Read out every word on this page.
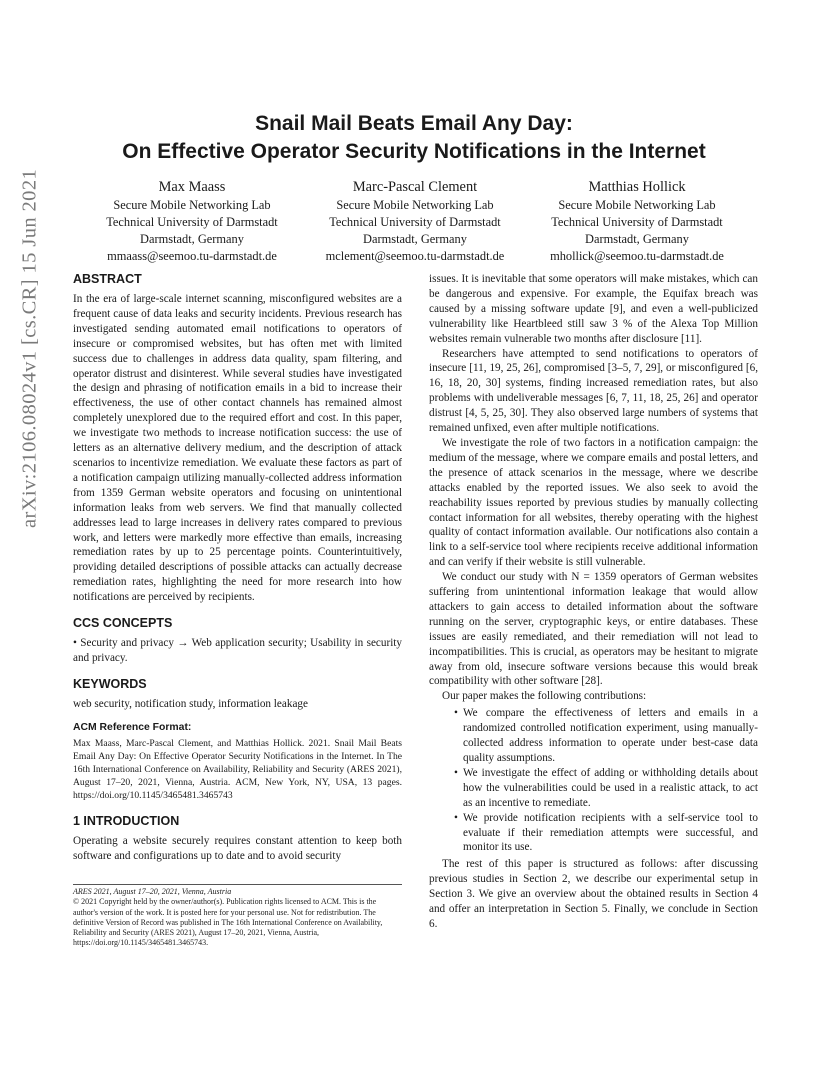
arXiv:2106.08024v1 [cs.CR] 15 Jun 2021
Snail Mail Beats Email Any Day:
On Effective Operator Security Notifications in the Internet
Max Maass
Secure Mobile Networking Lab
Technical University of Darmstadt
Darmstadt, Germany
mmaass@seemoo.tu-darmstadt.de
Marc-Pascal Clement
Secure Mobile Networking Lab
Technical University of Darmstadt
Darmstadt, Germany
mclement@seemoo.tu-darmstadt.de
Matthias Hollick
Secure Mobile Networking Lab
Technical University of Darmstadt
Darmstadt, Germany
mhollick@seemoo.tu-darmstadt.de
ABSTRACT

In the era of large-scale internet scanning, misconfigured websites are a frequent cause of data leaks and security incidents. Previous research has investigated sending automated email notifications to operators of insecure or compromised websites, but has often met with limited success due to challenges in address data quality, spam filtering, and operator distrust and disinterest. While several studies have investigated the design and phrasing of notification emails in a bid to increase their effectiveness, the use of other contact channels has remained almost completely unexplored due to the required effort and cost. In this paper, we investigate two methods to increase notification success: the use of letters as an alternative delivery medium, and the description of attack scenarios to incentivize remediation. We evaluate these factors as part of a notification campaign utilizing manually-collected address information from 1359 German website operators and focusing on unintentional information leaks from web servers. We find that manually collected addresses lead to large increases in delivery rates compared to previous work, and letters were markedly more effective than emails, increasing remediation rates by up to 25 percentage points. Counterintuitively, providing detailed descriptions of possible attacks can actually decrease remediation rates, highlighting the need for more research into how notifications are perceived by recipients.

CCS CONCEPTS

• Security and privacy → Web application security; Usability in security and privacy.

KEYWORDS

web security, notification study, information leakage

ACM Reference Format:

Max Maass, Marc-Pascal Clement, and Matthias Hollick. 2021. Snail Mail Beats Email Any Day: On Effective Operator Security Notifications in the Internet. In The 16th International Conference on Availability, Reliability and Security (ARES 2021), August 17–20, 2021, Vienna, Austria. ACM, New York, NY, USA, 13 pages. https://doi.org/10.1145/3465481.3465743

1 INTRODUCTION

Operating a website securely requires constant attention to keep both software and configurations up to date and to avoid security

ARES 2021, August 17–20, 2021, Vienna, Austria

© 2021 Copyright held by the owner/author(s). Publication rights licensed to ACM. This is the author's version of the work. It is posted here for your personal use. Not for redistribution. The definitive Version of Record was published in The 16th International Conference on Availability, Reliability and Security (ARES 2021), August 17–20, 2021, Vienna, Austria, https://doi.org/10.1145/3465481.3465743.

issues. It is inevitable that some operators will make mistakes, which can be dangerous and expensive. For example, the Equifax breach was caused by a missing software update [9], and even a well-publicized vulnerability like Heartbleed still saw 3 % of the Alexa Top Million websites remain vulnerable two months after disclosure [11].

Researchers have attempted to send notifications to operators of insecure [11, 19, 25, 26], compromised [3–5, 7, 29], or misconfigured [6, 16, 18, 20, 30] systems, finding increased remediation rates, but also problems with undeliverable messages [6, 7, 11, 18, 25, 26] and operator distrust [4, 5, 25, 30]. They also observed large numbers of systems that remained unfixed, even after multiple notifications.

We investigate the role of two factors in a notification campaign: the medium of the message, where we compare emails and postal letters, and the presence of attack scenarios in the message, where we describe attacks enabled by the reported issues. We also seek to avoid the reachability issues reported by previous studies by manually collecting contact information for all websites, thereby operating with the highest quality of contact information available. Our notifications also contain a link to a self-service tool where recipients receive additional information and can verify if their website is still vulnerable.

We conduct our study with N = 1359 operators of German websites suffering from unintentional information leakage that would allow attackers to gain access to detailed information about the software running on the server, cryptographic keys, or entire databases. These issues are easily remediated, and their remediation will not lead to incompatibilities. This is crucial, as operators may be hesitant to migrate away from old, insecure software versions because this would break compatibility with other software [28].

Our paper makes the following contributions:

• We compare the effectiveness of letters and emails in a randomized controlled notification experiment, using manually-collected address information to operate under best-case data quality assumptions.
• We investigate the effect of adding or withholding details about how the vulnerabilities could be used in a realistic attack, to act as an incentive to remediate.
• We provide notification recipients with a self-service tool to evaluate if their remediation attempts were successful, and monitor its use.

The rest of this paper is structured as follows: after discussing previous studies in Section 2, we describe our experimental setup in Section 3. We give an overview about the obtained results in Section 4 and offer an interpretation in Section 5. Finally, we conclude in Section 6.
